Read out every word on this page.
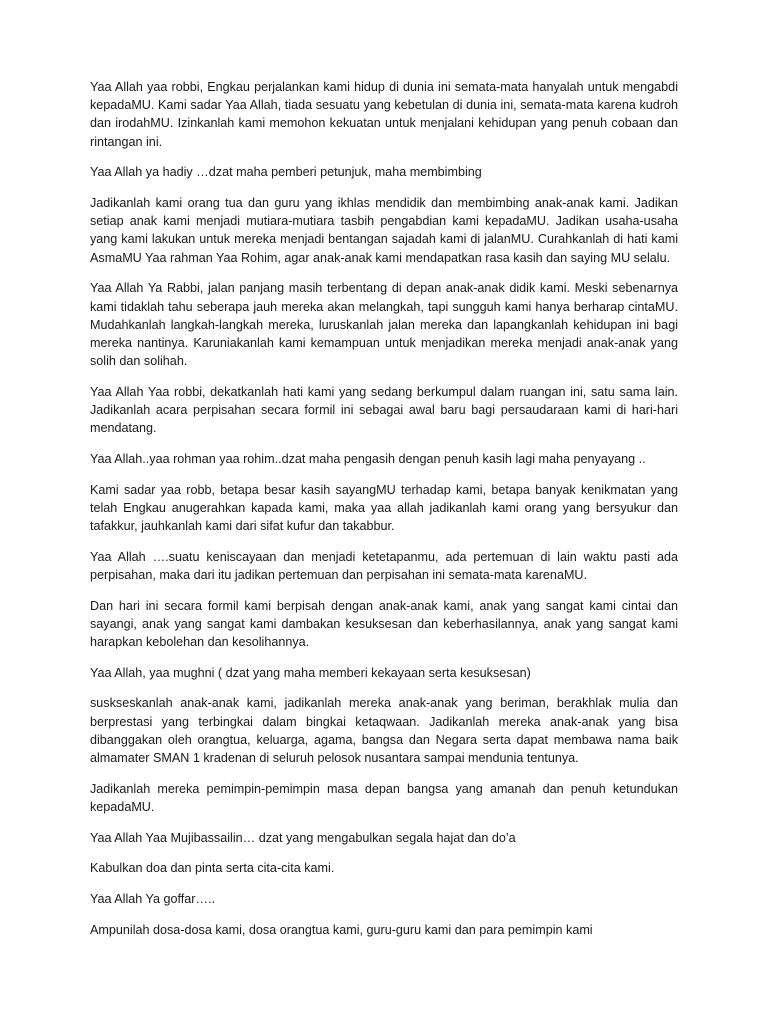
Yaa Allah yaa robbi, Engkau perjalankan kami hidup di dunia ini semata-mata hanyalah untuk mengabdi kepadaMU. Kami sadar Yaa Allah, tiada sesuatu yang kebetulan di dunia ini, semata-mata karena kudroh dan irodahMU. Izinkanlah kami memohon kekuatan untuk menjalani kehidupan yang penuh cobaan dan rintangan ini.

Yaa Allah ya hadiy …dzat maha pemberi petunjuk, maha membimbing

Jadikanlah kami orang tua dan guru yang ikhlas mendidik dan membimbing anak-anak kami. Jadikan setiap anak kami menjadi mutiara-mutiara tasbih pengabdian kami kepadaMU. Jadikan usaha-usaha yang kami lakukan untuk mereka menjadi bentangan sajadah kami di jalanMU. Curahkanlah di hati kami AsmaMU Yaa rahman Yaa Rohim, agar anak-anak kami mendapatkan rasa kasih dan saying MU selalu.

Yaa Allah Ya Rabbi, jalan panjang masih terbentang di depan anak-anak didik kami. Meski sebenarnya kami tidaklah tahu seberapa jauh mereka akan melangkah, tapi sungguh kami hanya berharap cintaMU. Mudahkanlah langkah-langkah mereka, luruskanlah jalan mereka dan lapangkanlah kehidupan ini bagi mereka nantinya. Karuniakanlah kami kemampuan untuk menjadikan mereka menjadi anak-anak yang solih dan solihah.

Yaa Allah Yaa robbi, dekatkanlah hati kami yang sedang berkumpul dalam ruangan ini, satu sama lain. Jadikanlah acara perpisahan secara formil ini sebagai awal baru bagi persaudaraan kami di hari-hari mendatang.

Yaa Allah..yaa rohman yaa rohim..dzat maha pengasih dengan penuh kasih lagi maha penyayang ..

Kami sadar yaa robb, betapa besar kasih sayangMU terhadap kami, betapa banyak kenikmatan yang telah Engkau anugerahkan kapada kami, maka yaa allah jadikanlah kami orang yang bersyukur dan tafakkur, jauhkanlah kami dari sifat kufur dan takabbur.

Yaa Allah ….suatu keniscayaan dan menjadi ketetapanmu, ada pertemuan di lain waktu pasti ada perpisahan, maka dari itu jadikan pertemuan dan perpisahan ini semata-mata karenaMU.

Dan hari ini secara formil kami berpisah dengan anak-anak kami, anak yang sangat kami cintai dan sayangi, anak yang sangat kami dambakan kesuksesan dan keberhasilannya, anak yang sangat kami harapkan kebolehan dan kesolihannya.

Yaa Allah, yaa mughni ( dzat yang maha memberi kekayaan serta kesuksesan)

suskseskanlah anak-anak kami, jadikanlah mereka anak-anak yang beriman, berakhlak mulia dan berprestasi yang terbingkai dalam bingkai ketaqwaan. Jadikanlah mereka anak-anak yang bisa dibanggakan oleh orangtua, keluarga, agama, bangsa dan Negara serta dapat membawa nama baik almamater SMAN 1 kradenan di seluruh pelosok nusantara sampai mendunia tentunya.

Jadikanlah mereka pemimpin-pemimpin masa depan bangsa yang amanah dan penuh ketundukan kepadaMU.

Yaa Allah Yaa Mujibassailin… dzat yang mengabulkan segala hajat dan do’a

Kabulkan doa dan pinta serta cita-cita kami.

Yaa Allah Ya goffar…..

Ampunilah dosa-dosa kami, dosa orangtua kami, guru-guru kami dan para pemimpin kami
